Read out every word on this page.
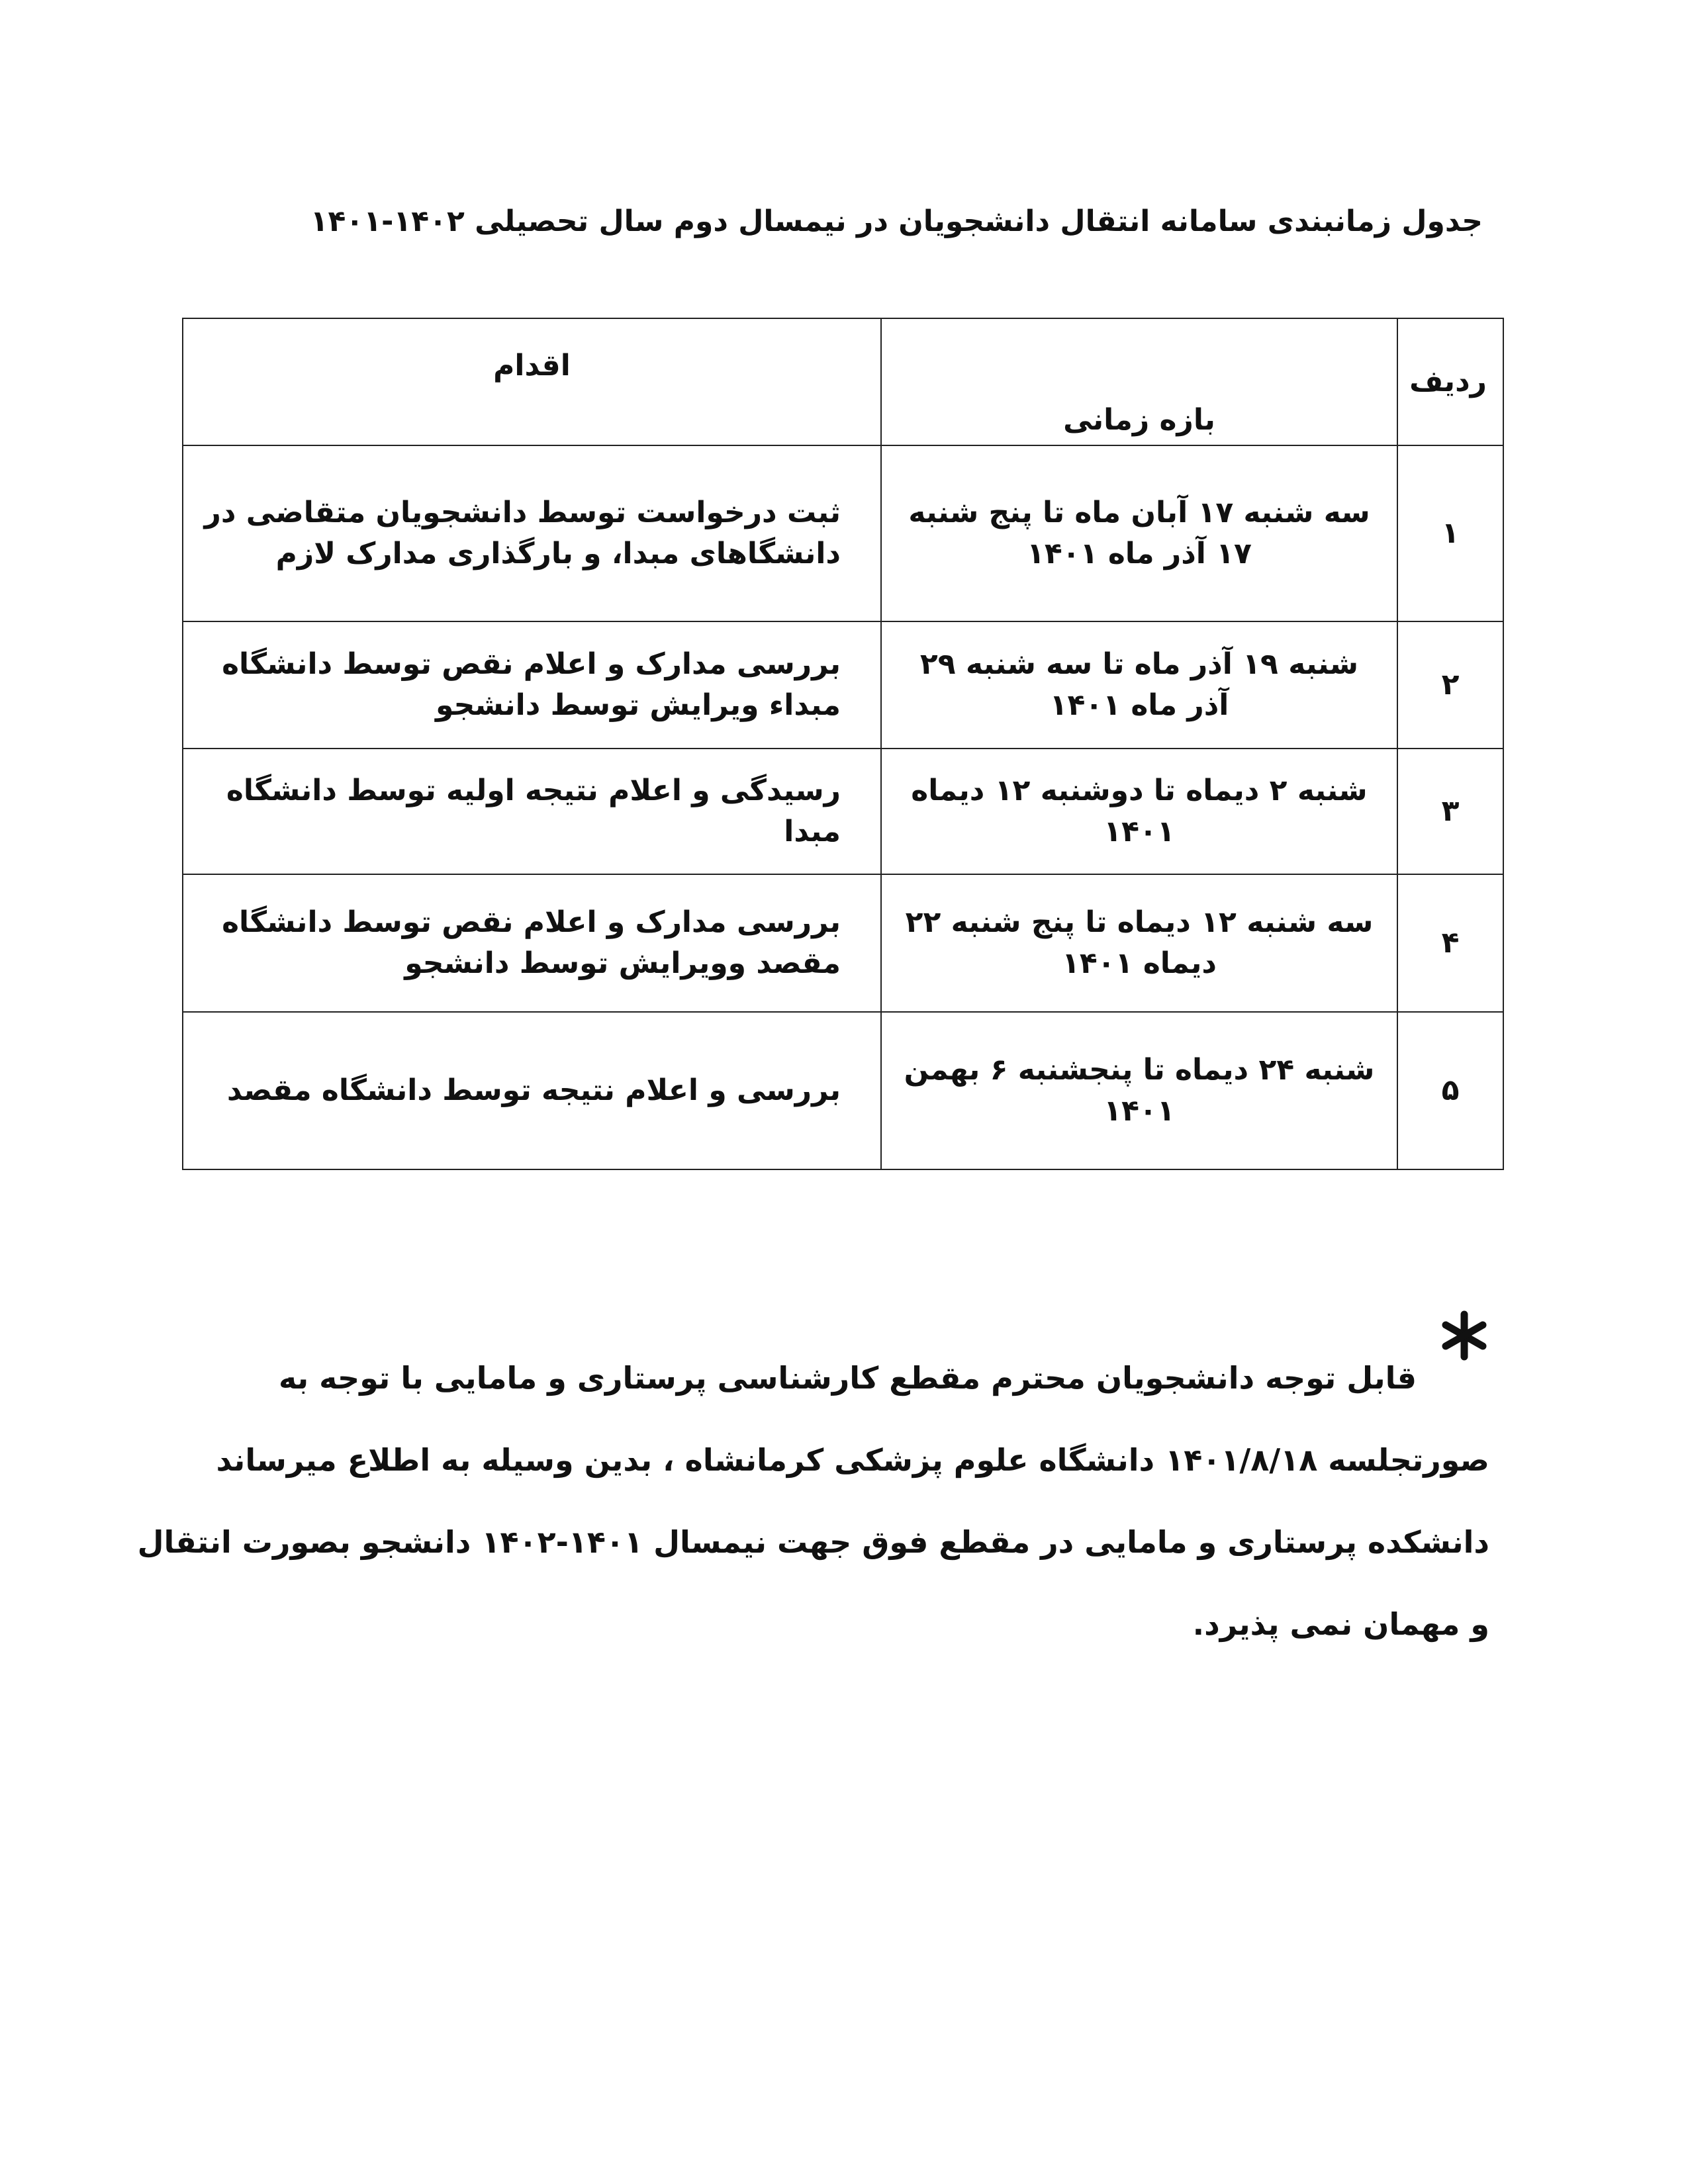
جدول زمانبندی سامانه انتقال دانشجویان در نیمسال دوم سال تحصیلی ۱۴۰۲-۱۴۰۱
ردیف	بازه زمانی	اقدام
۱	سه شنبه ۱۷ آبان ماه تا پنج شنبه ۱۷ آذر ماه ۱۴۰۱	ثبت درخواست توسط دانشجویان متقاضی در دانشگاهای مبدا، و بارگذاری مدارک لازم
۲	شنبه ۱۹ آذر ماه تا سه شنبه ۲۹ آذر ماه ۱۴۰۱	بررسی مدارک و اعلام نقص توسط دانشگاه مبداء ویرایش توسط دانشجو
۳	شنبه ۲ دیماه تا دوشنبه ۱۲ دیماه ۱۴۰۱	رسیدگی و اعلام نتیجه اولیه توسط دانشگاه مبدا
۴	سه شنبه ۱۲ دیماه تا پنج شنبه ۲۲ دیماه ۱۴۰۱	بررسی مدارک و اعلام نقص توسط دانشگاه مقصد وویرایش توسط دانشجو
۵	شنبه ۲۴ دیماه تا پنجشنبه ۶ بهمن ۱۴۰۱	بررسی و اعلام نتیجه توسط دانشگاه مقصد

قابل توجه دانشجویان محترم مقطع کارشناسی پرستاری و مامایی با توجه به

صورتجلسه ۱۴۰۱/۸/۱۸ دانشگاه علوم پزشکی کرمانشاه ، بدین وسیله به اطلاع میرساند

دانشکده پرستاری و مامایی در مقطع فوق جهت نیمسال ۱۴۰۱-۱۴۰۲ دانشجو بصورت انتقال

و مهمان نمی پذیرد.
